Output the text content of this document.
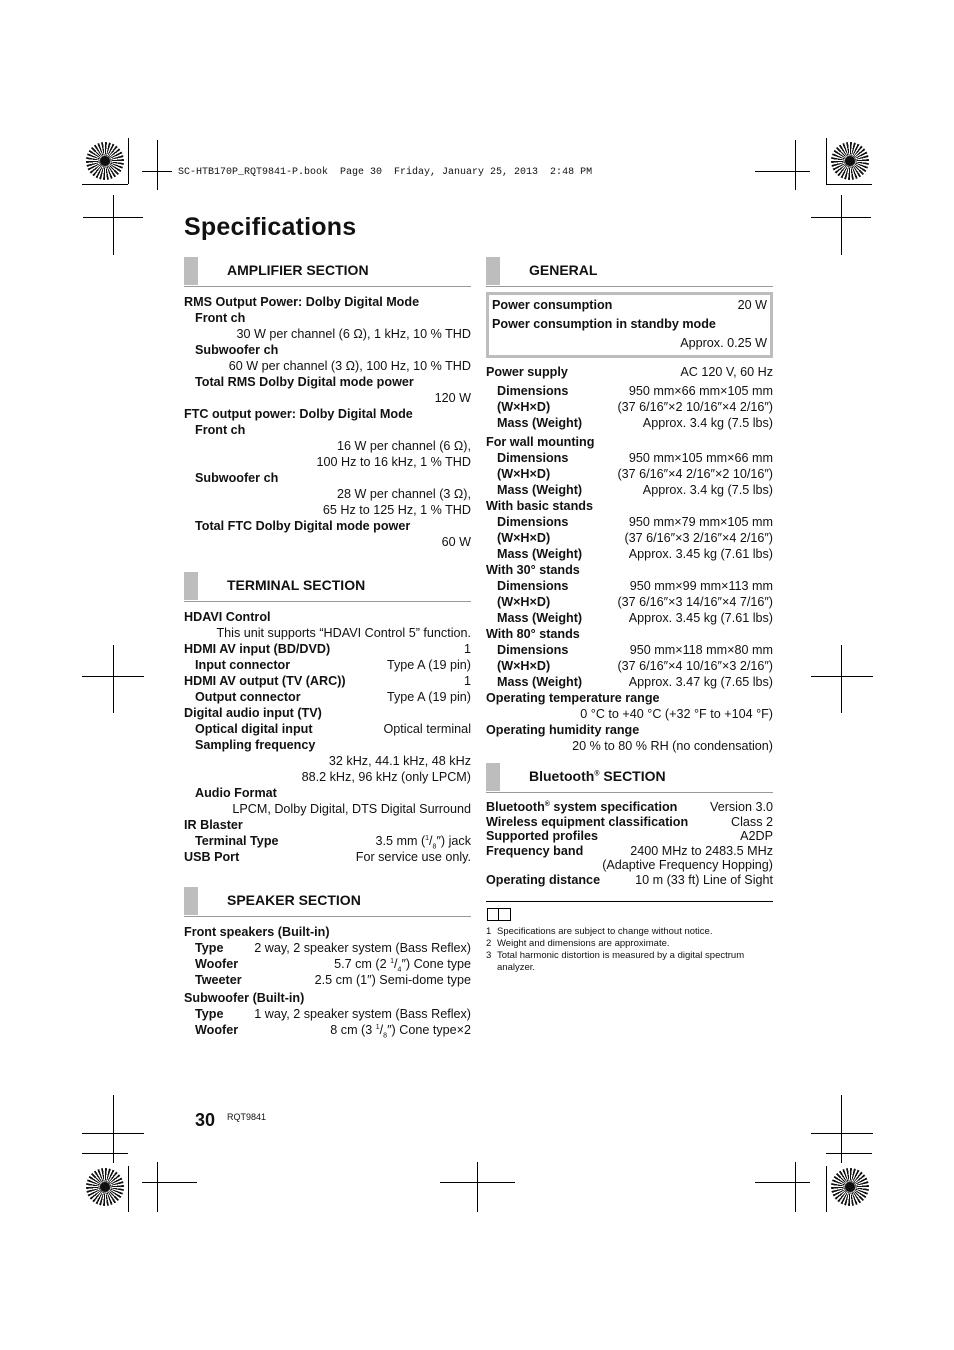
SC-HTB170P_RQT9841-P.book  Page 30  Friday, January 25, 2013  2:48 PM
Specifications
AMPLIFIER SECTION
RMS Output Power: Dolby Digital Mode
Front ch
30 W per channel (6 Ω), 1 kHz, 10 % THD
Subwoofer ch
60 W per channel (3 Ω), 100 Hz, 10 % THD
Total RMS Dolby Digital mode power
120 W
FTC output power: Dolby Digital Mode
Front ch
16 W per channel (6 Ω),
100 Hz to 16 kHz, 1 % THD
Subwoofer ch
28 W per channel (3 Ω),
65 Hz to 125 Hz, 1 % THD
Total FTC Dolby Digital mode power
60 W
TERMINAL SECTION
HDAVI Control
This unit supports “HDAVI Control 5” function.
HDMI AV input (BD/DVD)	1
Input connector	Type A (19 pin)
HDMI AV output (TV (ARC))	1
Output connector	Type A (19 pin)
Digital audio input (TV)
Optical digital input	Optical terminal
Sampling frequency
32 kHz, 44.1 kHz, 48 kHz
88.2 kHz, 96 kHz (only LPCM)
Audio Format
LPCM, Dolby Digital, DTS Digital Surround
IR Blaster
Terminal Type	3.5 mm $(^1/_8'')$ jack
USB Port	For service use only.
SPEAKER SECTION
Front speakers (Built-in)
Type 2 way, 2 speaker system (Bass Reflex)
Woofer	5.7 cm (2 $^1/_4''$) Cone type
Tweeter	2.5 cm (1″) Semi-dome type
Subwoofer (Built-in)
Type 1 way, 2 speaker system (Bass Reflex)
Woofer	8 cm (3 $^1/_8''$) Cone type×2
GENERAL
Power consumption	20 W
Power consumption in standby mode
Approx. 0.25 W
Power supply	AC 120 V, 60 Hz
Dimensions	950 mm×66 mm×105 mm
(W×H×D)	(37 6/16″×2 10/16″×4 2/16″)
Mass (Weight)	Approx. 3.4 kg (7.5 lbs)
For wall mounting
Dimensions	950 mm×105 mm×66 mm
(W×H×D)	(37 6/16″×4 2/16″×2 10/16″)
Mass (Weight)	Approx. 3.4 kg (7.5 lbs)
With basic stands
Dimensions	950 mm×79 mm×105 mm
(W×H×D)	(37 6/16″×3 2/16″×4 2/16″)
Mass (Weight)	Approx. 3.45 kg (7.61 lbs)
With 30° stands
Dimensions	950 mm×99 mm×113 mm
(W×H×D)	(37 6/16″×3 14/16″×4 7/16″)
Mass (Weight)	Approx. 3.45 kg (7.61 lbs)
With 80° stands
Dimensions	950 mm×118 mm×80 mm
(W×H×D)	(37 6/16″×4 10/16″×3 2/16″)
Mass (Weight)	Approx. 3.47 kg (7.65 lbs)
Operating temperature range
0 °C to +40 °C (+32 °F to +104 °F)
Operating humidity range
20 % to 80 % RH (no condensation)
Bluetooth® SECTION
Bluetooth® system specification	Version 3.0
Wireless equipment classification	Class 2
Supported profiles	A2DP
Frequency band	2400 MHz to 2483.5 MHz
(Adaptive Frequency Hopping)
Operating distance	10 m (33 ft) Line of Sight
1 Specifications are subject to change without notice.
2 Weight and dimensions are approximate.
3 Total harmonic distortion is measured by a digital spectrum analyzer.
30 RQT9841
